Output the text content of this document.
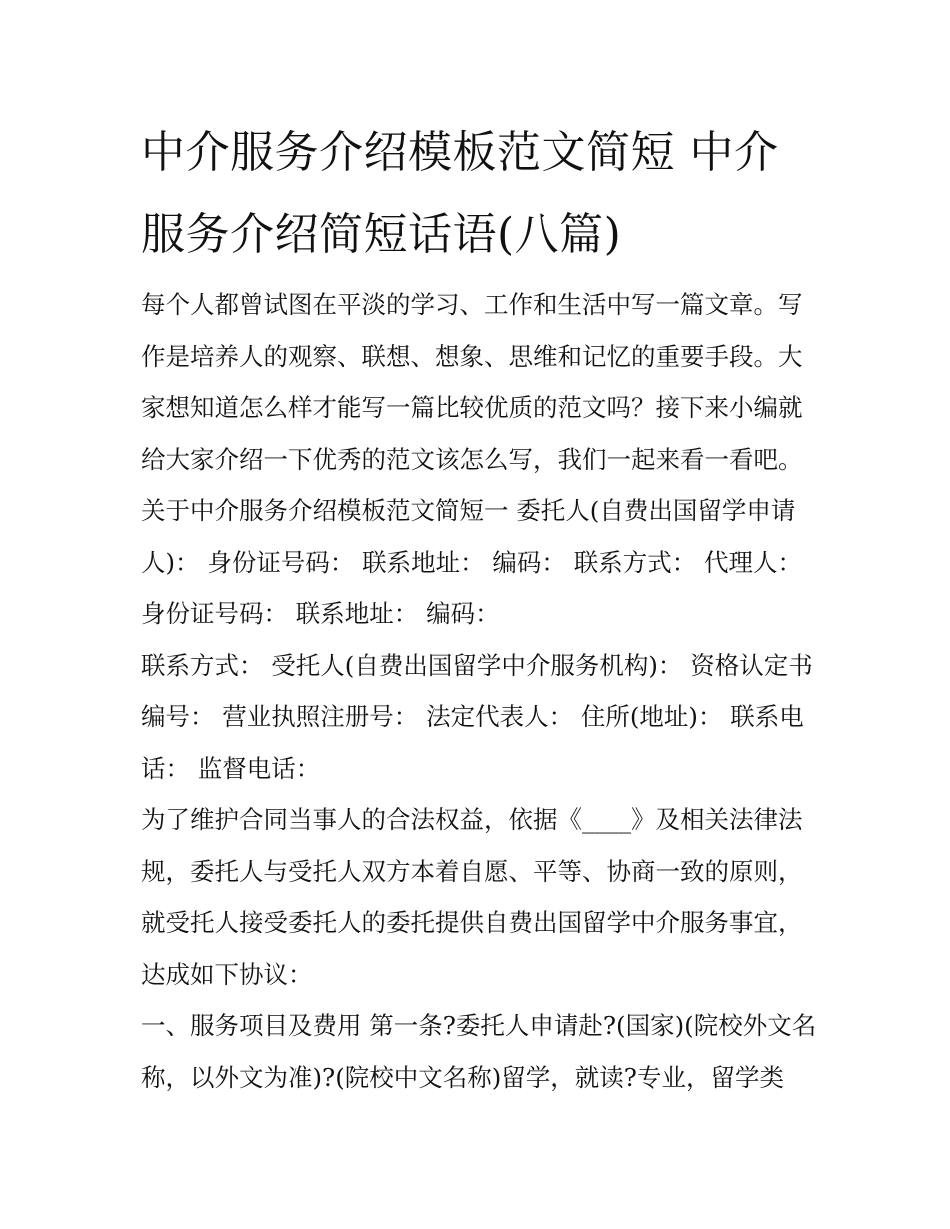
中介服务介绍模板范文简短 中介服务介绍简短话语(八篇)

每个人都曾试图在平淡的学习、工作和生活中写一篇文章。写作是培养人的观察、联想、想象、思维和记忆的重要手段。大家想知道怎么样才能写一篇比较优质的范文吗？接下来小编就给大家介绍一下优秀的范文该怎么写，我们一起来看一看吧。

关于中介服务介绍模板范文简短一 委托人(自费出国留学申请人)： 身份证号码： 联系地址： 编码： 联系方式： 代理人： 身份证号码： 联系地址： 编码：

联系方式： 受托人(自费出国留学中介服务机构)： 资格认定书编号： 营业执照注册号： 法定代表人： 住所(地址)： 联系电话： 监督电话：

为了维护合同当事人的合法权益，依据《____》及相关法律法规，委托人与受托人双方本着自愿、平等、协商一致的原则，就受托人接受委托人的委托提供自费出国留学中介服务事宜，达成如下协议：

一、服务项目及费用 第一条?委托人申请赴?(国家)(院校外文名称，以外文为准)?(院校中文名称)留学，就读?专业，留学类
